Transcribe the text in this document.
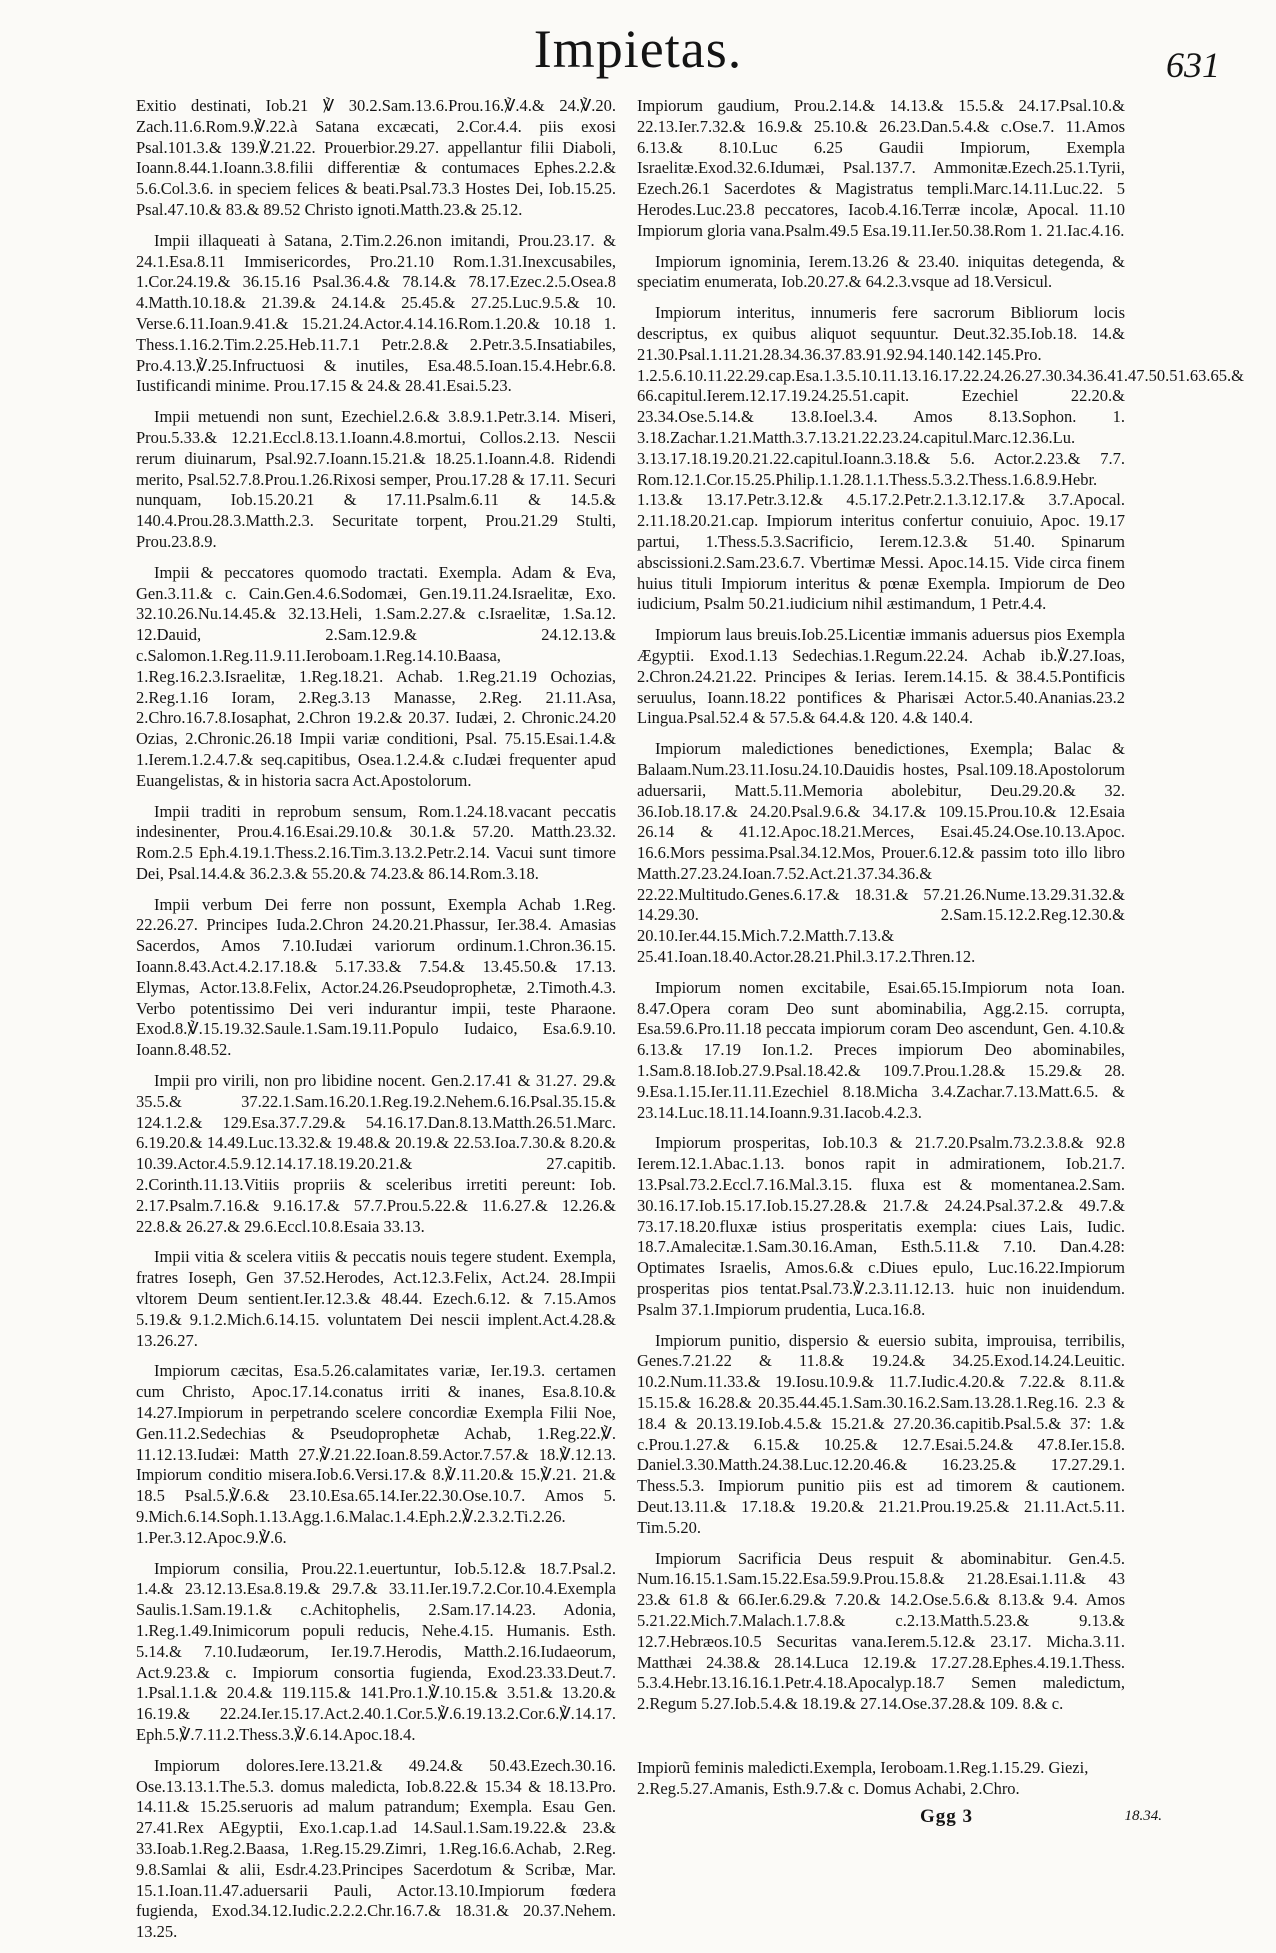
Impietas.	631

Exitio destinati, Iob.21 ℣ 30.2.Sam.13.6.Prou.16.℣.4.& 24.℣.20. Zach.11.6.Rom.9.℣.22.à Satana excæcati, 2.Cor.4.4. piis exosi Psal.101.3.& 139.℣.21.22. Prouerbior.29.27. appellantur filii Diaboli, Ioann.8.44.1.Ioann.3.8.filii differentiæ & contumaces Ephes.2.2.& 5.6.Col.3.6. in speciem felices & beati.Psal.73.3 Hostes Dei, Iob.15.25. Psal.47.10.& 83.& 89.52 Christo ignoti.Matth.23.& 25.12.

Impii illaqueati à Satana, 2.Tim.2.26.non imitandi, Prou.23.17. & 24.1.Esa.8.11 Immisericordes, Pro.21.10 Rom.1.31.Inexcusabiles, 1.Cor.24.19.& 36.15.16 Psal.36.4.& 78.14.& 78.17.Ezec.2.5.Osea.8 4.Matth.10.18.& 21.39.& 24.14.& 25.45.& 27.25.Luc.9.5.& 10. Verse.6.11.Ioan.9.41.& 15.21.24.Actor.4.14.16.Rom.1.20.& 10.18 1. Thess.1.16.2.Tim.2.25.Heb.11.7.1 Petr.2.8.& 2.Petr.3.5.Insatiabiles, Pro.4.13.℣.25.Infructuosi & inutiles, Esa.48.5.Ioan.15.4.Hebr.6.8. Iustificandi minime. Prou.17.15 & 24.& 28.41.Esai.5.23.

Impii metuendi non sunt, Ezechiel.2.6.& 3.8.9.1.Petr.3.14. Miseri, Prou.5.33.& 12.21.Eccl.8.13.1.Ioann.4.8.mortui, Collos.2.13. Nescii rerum diuinarum, Psal.92.7.Ioann.15.21.& 18.25.1.Ioann.4.8. Ridendi merito, Psal.52.7.8.Prou.1.26.Rixosi semper, Prou.17.28 & 17.11. Securi nunquam, Iob.15.20.21 & 17.11.Psalm.6.11 & 14.5.& 140.4.Prou.28.3.Matth.2.3. Securitate torpent, Prou.21.29 Stulti, Prou.23.8.9.

Impii & peccatores quomodo tractati. Exempla. Adam & Eva, Gen.3.11.& c. Cain.Gen.4.6.Sodomæi, Gen.19.11.24.Israelitæ, Exo. 32.10.26.Nu.14.45.& 32.13.Heli, 1.Sam.2.27.& c.Israelitæ, 1.Sa.12. 12.Dauid, 2.Sam.12.9.& 24.12.13.& c.Salomon.1.Reg.11.9.11.Ieroboam.1.Reg.14.10.Baasa, 1.Reg.16.2.3.Israelitæ, 1.Reg.18.21. Achab. 1.Reg.21.19 Ochozias, 2.Reg.1.16 Ioram, 2.Reg.3.13 Manasse, 2.Reg. 21.11.Asa, 2.Chro.16.7.8.Iosaphat, 2.Chron 19.2.& 20.37. Iudæi, 2. Chronic.24.20 Ozias, 2.Chronic.26.18 Impii variæ conditioni, Psal. 75.15.Esai.1.4.& 1.Ierem.1.2.4.7.& seq.capitibus, Osea.1.2.4.& c.Iudæi frequenter apud Euangelistas, & in historia sacra Act.Apostolorum.

Impii traditi in reprobum sensum, Rom.1.24.18.vacant peccatis indesinenter, Prou.4.16.Esai.29.10.& 30.1.& 57.20. Matth.23.32. Rom.2.5 Eph.4.19.1.Thess.2.16.Tim.3.13.2.Petr.2.14. Vacui sunt timore Dei, Psal.14.4.& 36.2.3.& 55.20.& 74.23.& 86.14.Rom.3.18.

Impii verbum Dei ferre non possunt, Exempla Achab 1.Reg. 22.26.27. Principes Iuda.2.Chron 24.20.21.Phassur, Ier.38.4. Amasias Sacerdos, Amos 7.10.Iudæi variorum ordinum.1.Chron.36.15. Ioann.8.43.Act.4.2.17.18.& 5.17.33.& 7.54.& 13.45.50.& 17.13. Elymas, Actor.13.8.Felix, Actor.24.26.Pseudoprophetæ, 2.Timoth.4.3. Verbo potentissimo Dei veri indurantur impii, teste Pharaone. Exod.8.℣.15.19.32.Saule.1.Sam.19.11.Populo Iudaico, Esa.6.9.10. Ioann.8.48.52.

Impii pro virili, non pro libidine nocent. Gen.2.17.41 & 31.27. 29.& 35.5.& 37.22.1.Sam.16.20.1.Reg.19.2.Nehem.6.16.Psal.35.15.& 124.1.2.& 129.Esa.37.7.29.& 54.16.17.Dan.8.13.Matth.26.51.Marc. 6.19.20.& 14.49.Luc.13.32.& 19.48.& 20.19.& 22.53.Ioa.7.30.& 8.20.& 10.39.Actor.4.5.9.12.14.17.18.19.20.21.& 27.capitib. 2.Corinth.11.13.Vitiis propriis & sceleribus irretiti pereunt: Iob. 2.17.Psalm.7.16.& 9.16.17.& 57.7.Prou.5.22.& 11.6.27.& 12.26.& 22.8.& 26.27.& 29.6.Eccl.10.8.Esaia 33.13.

Impii vitia & scelera vitiis & peccatis nouis tegere student. Exempla, fratres Ioseph, Gen 37.52.Herodes, Act.12.3.Felix, Act.24. 28.Impii vltorem Deum sentient.Ier.12.3.& 48.44. Ezech.6.12. & 7.15.Amos 5.19.& 9.1.2.Mich.6.14.15. voluntatem Dei nescii implent.Act.4.28.& 13.26.27.

Impiorum cæcitas, Esa.5.26.calamitates variæ, Ier.19.3. certamen cum Christo, Apoc.17.14.conatus irriti & inanes, Esa.8.10.& 14.27.Impiorum in perpetrando scelere concordiæ Exempla Filii Noe, Gen.11.2.Sedechias & Pseudoprophetæ Achab, 1.Reg.22.℣. 11.12.13.Iudæi: Matth 27.℣.21.22.Ioan.8.59.Actor.7.57.& 18.℣.12.13. Impiorum conditio misera.Iob.6.Versi.17.& 8.℣.11.20.& 15.℣.21. 21.& 18.5 Psal.5.℣.6.& 23.10.Esa.65.14.Ier.22.30.Ose.10.7. Amos 5. 9.Mich.6.14.Soph.1.13.Agg.1.6.Malac.1.4.Eph.2.℣.2.3.2.Ti.2.26. 1.Per.3.12.Apoc.9.℣.6.

Impiorum consilia, Prou.22.1.euertuntur, Iob.5.12.& 18.7.Psal.2. 1.4.& 23.12.13.Esa.8.19.& 29.7.& 33.11.Ier.19.7.2.Cor.10.4.Exempla Saulis.1.Sam.19.1.& c.Achitophelis, 2.Sam.17.14.23. Adonia, 1.Reg.1.49.Inimicorum populi reducis, Nehe.4.15. Humanis. Esth. 5.14.& 7.10.Iudæorum, Ier.19.7.Herodis, Matth.2.16.Iudaeorum, Act.9.23.& c. Impiorum consortia fugienda, Exod.23.33.Deut.7. 1.Psal.1.1.& 20.4.& 119.115.& 141.Pro.1.℣.10.15.& 3.51.& 13.20.& 16.19.& 22.24.Ier.15.17.Act.2.40.1.Cor.5.℣.6.19.13.2.Cor.6.℣.14.17. Eph.5.℣.7.11.2.Thess.3.℣.6.14.Apoc.18.4.

Impiorum dolores.Iere.13.21.& 49.24.& 50.43.Ezech.30.16. Ose.13.13.1.The.5.3. domus maledicta, Iob.8.22.& 15.34 & 18.13.Pro. 14.11.& 15.25.seruoris ad malum patrandum; Exempla. Esau Gen. 27.41.Rex AEgyptii, Exo.1.cap.1.ad 14.Saul.1.Sam.19.22.& 23.& 33.Ioab.1.Reg.2.Baasa, 1.Reg.15.29.Zimri, 1.Reg.16.6.Achab, 2.Reg. 9.8.Samlai & alii, Esdr.4.23.Principes Sacerdotum & Scribæ, Mar. 15.1.Ioan.11.47.aduersarii Pauli, Actor.13.10.Impiorum fœdera fugienda, Exod.34.12.Iudic.2.2.2.Chr.16.7.& 18.31.& 20.37.Nehem. 13.25.

Impiorum gaudium, Prou.2.14.& 14.13.& 15.5.& 24.17.Psal.10.& 22.13.Ier.7.32.& 16.9.& 25.10.& 26.23.Dan.5.4.& c.Ose.7. 11.Amos 6.13.& 8.10.Luc 6.25 Gaudii Impiorum, Exempla Israelitæ.Exod.32.6.Idumæi, Psal.137.7. Ammonitæ.Ezech.25.1.Tyrii, Ezech.26.1 Sacerdotes & Magistratus templi.Marc.14.11.Luc.22. 5 Herodes.Luc.23.8 peccatores, Iacob.4.16.Terræ incolæ, Apocal. 11.10 Impiorum gloria vana.Psalm.49.5 Esa.19.11.Ier.50.38.Rom 1. 21.Iac.4.16.

Impiorum ignominia, Ierem.13.26 & 23.40. iniquitas detegenda, & speciatim enumerata, Iob.20.27.& 64.2.3.vsque ad 18.Versicul.

Impiorum interitus, innumeris fere sacrorum Bibliorum locis descriptus, ex quibus aliquot sequuntur. Deut.32.35.Iob.18. 14.& 21.30.Psal.1.11.21.28.34.36.37.83.91.92.94.140.142.145.Pro. 1.2.5.6.10.11.22.29.cap.Esa.1.3.5.10.11.13.16.17.22.24.26.27.30.34.36.41.47.50.51.63.65.& 66.capitul.Ierem.12.17.19.24.25.51.capit. Ezechiel 22.20.& 23.34.Ose.5.14.& 13.8.Ioel.3.4. Amos 8.13.Sophon. 1. 3.18.Zachar.1.21.Matth.3.7.13.21.22.23.24.capitul.Marc.12.36.Lu. 3.13.17.18.19.20.21.22.capitul.Ioann.3.18.& 5.6. Actor.2.23.& 7.7. Rom.12.1.Cor.15.25.Philip.1.1.28.1.1.Thess.5.3.2.Thess.1.6.8.9.Hebr. 1.13.& 13.17.Petr.3.12.& 4.5.17.2.Petr.2.1.3.12.17.& 3.7.Apocal. 2.11.18.20.21.cap. Impiorum interitus confertur conuiuio, Apoc. 19.17 partui, 1.Thess.5.3.Sacrificio, Ierem.12.3.& 51.40. Spinarum abscissioni.2.Sam.23.6.7. Vbertimæ Messi. Apoc.14.15. Vide circa finem huius tituli Impiorum interitus & pœnæ Exempla. Impiorum de Deo iudicium, Psalm 50.21.iudicium nihil æstimandum, 1 Petr.4.4.

Impiorum laus breuis.Iob.25.Licentiæ immanis aduersus pios Exempla Ægyptii. Exod.1.13 Sedechias.1.Regum.22.24. Achab ib.℣.27.Ioas, 2.Chron.24.21.22. Principes & Ierias. Ierem.14.15. & 38.4.5.Pontificis seruulus, Ioann.18.22 pontifices & Pharisæi Actor.5.40.Ananias.23.2 Lingua.Psal.52.4 & 57.5.& 64.4.& 120. 4.& 140.4.

Impiorum maledictiones benedictiones, Exempla; Balac & Balaam.Num.23.11.Iosu.24.10.Dauidis hostes, Psal.109.18.Apostolorum aduersarii, Matt.5.11.Memoria abolebitur, Deu.29.20.& 32. 36.Iob.18.17.& 24.20.Psal.9.6.& 34.17.& 109.15.Prou.10.& 12.Esaia 26.14 & 41.12.Apoc.18.21.Merces, Esai.45.24.Ose.10.13.Apoc. 16.6.Mors pessima.Psal.34.12.Mos, Prouer.6.12.& passim toto illo libro Matth.27.23.24.Ioan.7.52.Act.21.37.34.36.& 22.22.Multitudo.Genes.6.17.& 18.31.& 57.21.26.Nume.13.29.31.32.& 14.29.30. 2.Sam.15.12.2.Reg.12.30.& 20.10.Ier.44.15.Mich.7.2.Matth.7.13.& 25.41.Ioan.18.40.Actor.28.21.Phil.3.17.2.Thren.12.

Impiorum nomen excitabile, Esai.65.15.Impiorum nota Ioan. 8.47.Opera coram Deo sunt abominabilia, Agg.2.15. corrupta, Esa.59.6.Pro.11.18 peccata impiorum coram Deo ascendunt, Gen. 4.10.& 6.13.& 17.19 Ion.1.2. Preces impiorum Deo abominabiles, 1.Sam.8.18.Iob.27.9.Psal.18.42.& 109.7.Prou.1.28.& 15.29.& 28. 9.Esa.1.15.Ier.11.11.Ezechiel 8.18.Micha 3.4.Zachar.7.13.Matt.6.5. & 23.14.Luc.18.11.14.Ioann.9.31.Iacob.4.2.3.

Impiorum prosperitas, Iob.10.3 & 21.7.20.Psalm.73.2.3.8.& 92.8 Ierem.12.1.Abac.1.13. bonos rapit in admirationem, Iob.21.7. 13.Psal.73.2.Eccl.7.16.Mal.3.15. fluxa est & momentanea.2.Sam. 30.16.17.Iob.15.17.Iob.15.27.28.& 21.7.& 24.24.Psal.37.2.& 49.7.& 73.17.18.20.fluxæ istius prosperitatis exempla: ciues Lais, Iudic. 18.7.Amalecitæ.1.Sam.30.16.Aman, Esth.5.11.& 7.10. Dan.4.28: Optimates Israelis, Amos.6.& c.Diues epulo, Luc.16.22.Impiorum prosperitas pios tentat.Psal.73.℣.2.3.11.12.13. huic non inuidendum. Psalm 37.1.Impiorum prudentia, Luca.16.8.

Impiorum punitio, dispersio & euersio subita, improuisa, terribilis, Genes.7.21.22 & 11.8.& 19.24.& 34.25.Exod.14.24.Leuitic. 10.2.Num.11.33.& 19.Iosu.10.9.& 11.7.Iudic.4.20.& 7.22.& 8.11.& 15.15.& 16.28.& 20.35.44.45.1.Sam.30.16.2.Sam.13.28.1.Reg.16. 2.3 & 18.4 & 20.13.19.Iob.4.5.& 15.21.& 27.20.36.capitib.Psal.5.& 37: 1.& c.Prou.1.27.& 6.15.& 10.25.& 12.7.Esai.5.24.& 47.8.Ier.15.8. Daniel.3.30.Matth.24.38.Luc.12.20.46.& 16.23.25.& 17.27.29.1. Thess.5.3. Impiorum punitio piis est ad timorem & cautionem. Deut.13.11.& 17.18.& 19.20.& 21.21.Prou.19.25.& 21.11.Act.5.11. Tim.5.20.

Impiorum Sacrificia Deus respuit & abominabitur. Gen.4.5. Num.16.15.1.Sam.15.22.Esa.59.9.Prou.15.8.& 21.28.Esai.1.11.& 43 23.& 61.8 & 66.Ier.6.29.& 7.20.& 14.2.Ose.5.6.& 8.13.& 9.4. Amos 5.21.22.Mich.7.Malach.1.7.8.& c.2.13.Matth.5.23.& 9.13.& 12.7.Hebræos.10.5 Securitas vana.Ierem.5.12.& 23.17. Micha.3.11. Matthæi 24.38.& 28.14.Luca 12.19.& 17.27.28.Ephes.4.19.1.Thess. 5.3.4.Hebr.13.16.16.1.Petr.4.18.Apocalyp.18.7 Semen maledictum, 2.Regum 5.27.Iob.5.4.& 18.19.& 27.14.Ose.37.28.& 109. 8.& c.

Impiorũ feminis maledicti.Exempla, Ieroboam.1.Reg.1.15.29. Giezi, 2.Reg.5.27.Amanis, Esth.9.7.& c. Domus Achabi, 2.Chro.
Ggg 3	18.34.
